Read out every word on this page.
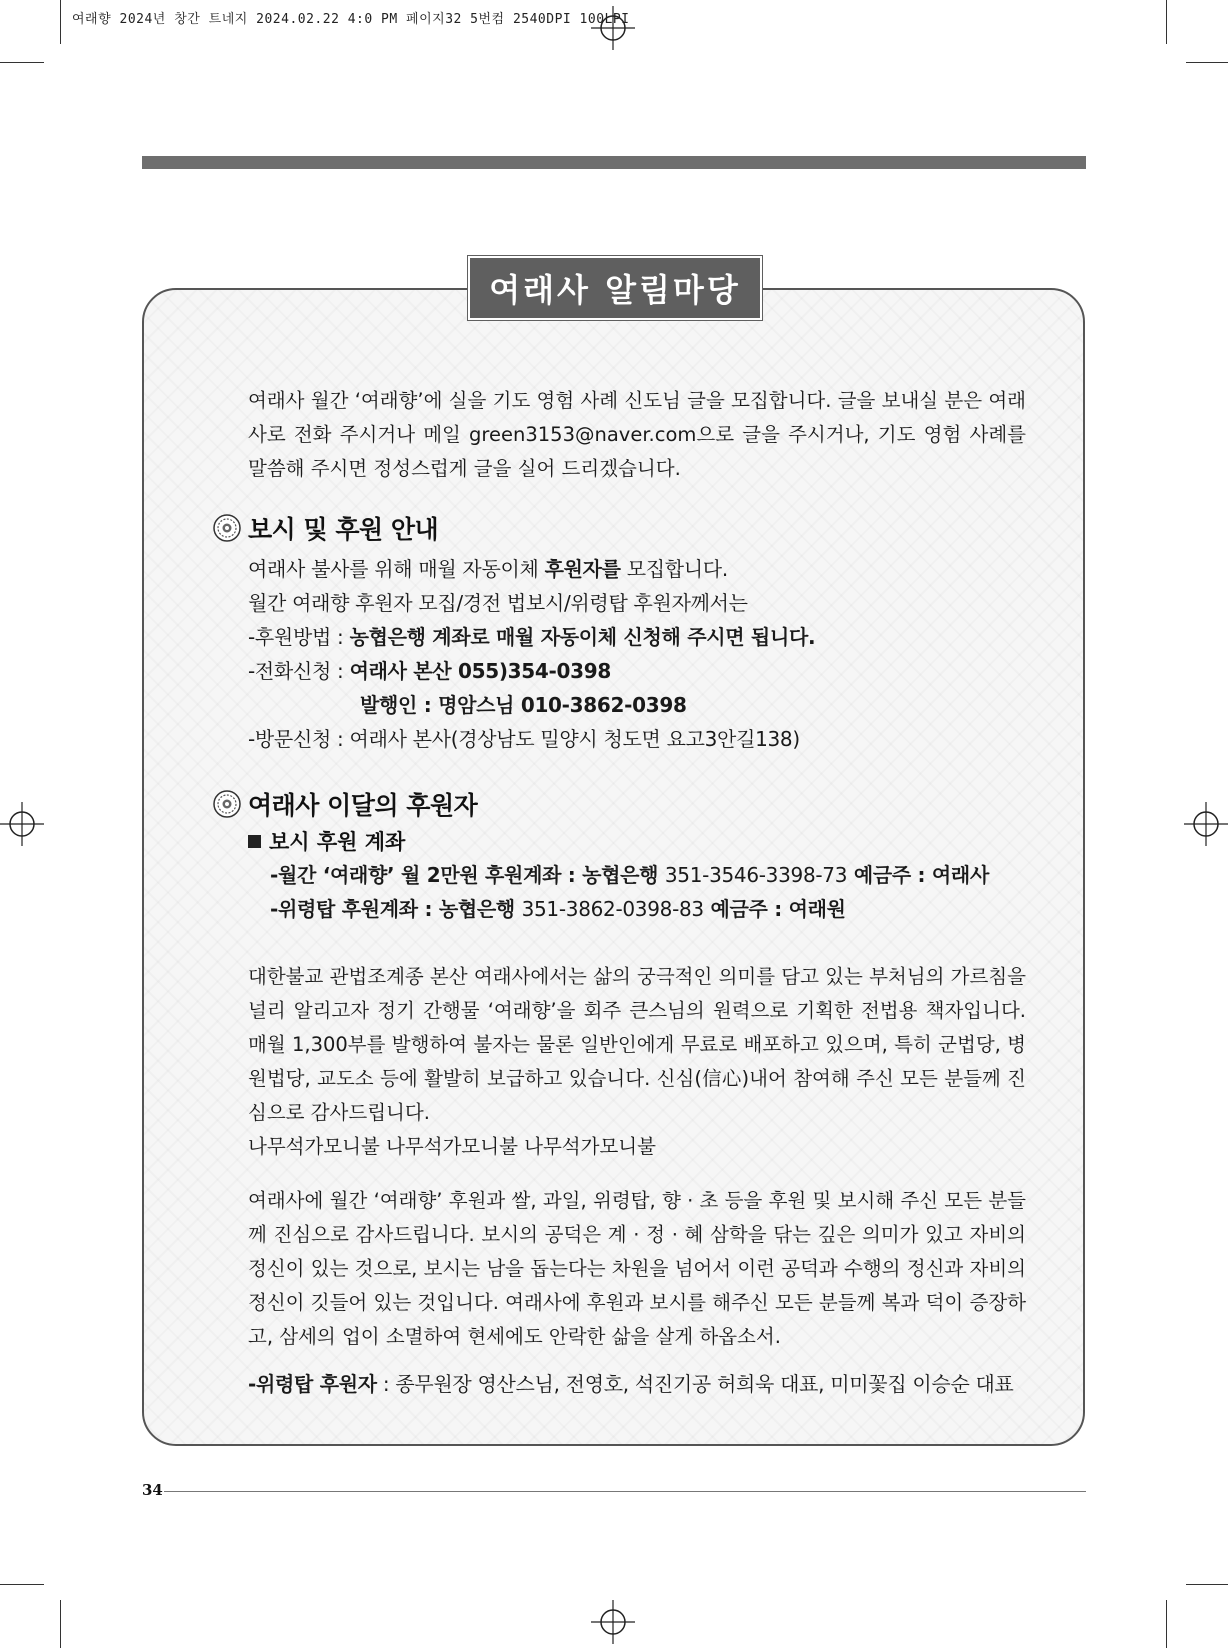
여래향 2024년 창간 트네지 2024.02.22 4:0 PM 페이지32 5번컴 2540DPI 100LPI
여래사 알림마당

여래사 월간 ‘여래향’에 실을 기도 영험 사례 신도님 글을 모집합니다. 글을 보내실 분은 여래사로 전화 주시거나 메일 green3153@naver.com으로 글을 주시거나, 기도 영험 사례를 말씀해 주시면 정성스럽게 글을 실어 드리겠습니다.

보시 및 후원 안내
여래사 불사를 위해 매월 자동이체 후원자를 모집합니다.
월간 여래향 후원자 모집/경전 법보시/위령탑 후원자께서는
-후원방법 : 농협은행 계좌로 매월 자동이체 신청해 주시면 됩니다.
-전화신청 : 여래사 본산 055)354-0398
발행인 : 명암스님 010-3862-0398
-방문신청 : 여래사 본사(경상남도 밀양시 청도면 요고3안길138)
여래사 이달의 후원자
보시 후원 계좌
-월간 ‘여래향’ 월 2만원 후원계좌 : 농협은행 351-3546-3398-73 예금주 : 여래사
-위령탑 후원계좌 : 농협은행 351-3862-0398-83 예금주 : 여래원

대한불교 관법조계종 본산 여래사에서는 삶의 궁극적인 의미를 담고 있는 부처님의 가르침을 널리 알리고자 정기 간행물 ‘여래향’을 회주 큰스님의 원력으로 기획한 전법용 책자입니다. 매월 1,300부를 발행하여 불자는 물론 일반인에게 무료로 배포하고 있으며, 특히 군법당, 병원법당, 교도소 등에 활발히 보급하고 있습니다. 신심(信心)내어 참여해 주신 모든 분들께 진심으로 감사드립니다.

나무석가모니불 나무석가모니불 나무석가모니불

여래사에 월간 ‘여래향’ 후원과 쌀, 과일, 위령탑, 향 · 초 등을 후원 및 보시해 주신 모든 분들께 진심으로 감사드립니다. 보시의 공덕은 계 · 정 · 혜 삼학을 닦는 깊은 의미가 있고 자비의 정신이 있는 것으로, 보시는 남을 돕는다는 차원을 넘어서 이런 공덕과 수행의 정신과 자비의 정신이 깃들어 있는 것입니다. 여래사에 후원과 보시를 해주신 모든 분들께 복과 덕이 증장하고, 삼세의 업이 소멸하여 현세에도 안락한 삶을 살게 하옵소서.

-위령탑 후원자 : 종무원장 영산스님, 전영호, 석진기공 허희욱 대표, 미미꽃집 이승순 대표
34
